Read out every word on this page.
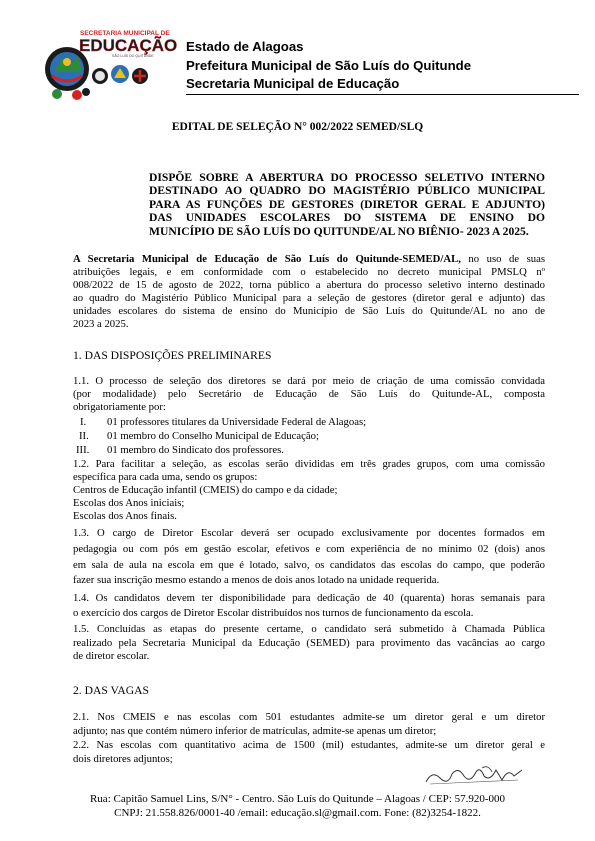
SECRETARIA MUNICIPAL DE
EDUCAÇÃO
SÃO LUÍS DO QUITUNDE
Estado de Alagoas
Prefeitura Municipal de São Luís do Quitunde
Secretaria Municipal de Educação
EDITAL DE SELEÇÃO N° 002/2022 SEMED/SLQ
DISPÕE SOBRE A ABERTURA DO PROCESSO SELETIVO INTERNO
DESTINADO AO QUADRO DO MAGISTÉRIO PÚBLICO MUNICIPAL
PARA AS FUNÇÕES DE GESTORES (DIRETOR GERAL E ADJUNTO)
DAS UNIDADES ESCOLARES DO SISTEMA DE ENSINO DO
MUNICÍPIO DE SÃO LUÍS DO QUITUNDE/AL NO BIÊNIO- 2023 A 2025.
A Secretaria Municipal de Educação de São Luís do Quitunde-SEMED/AL, no uso de suas
atribuições legais, e em conformidade com o estabelecido no decreto municipal PMSLQ nº
008/2022 de 15 de agosto de 2022, torna público a abertura do processo seletivo interno destinado
ao quadro do Magistério Público Municipal para a seleção de gestores (diretor geral e adjunto) das
unidades escolares do sistema de ensino do Município de São Luís do Quitunde/AL no ano de
2023 a 2025.
1. DAS DISPOSIÇÕES PRELIMINARES
1.1. O processo de seleção dos diretores se dará por meio de criação de uma comissão convidada
(por modalidade) pelo Secretário de Educação de São Luís do Quitunde-AL, composta
obrigatoriamente por:
I. 01 professores titulares da Universidade Federal de Alagoas;
II. 01 membro do Conselho Municipal de Educação;
III. 01 membro do Sindicato dos professores.
1.2. Para facilitar a seleção, as escolas serão divididas em três grades grupos, com uma comissão
específica para cada uma, sendo os grupos:
Centros de Educação infantil (CMEIS) do campo e da cidade;
Escolas dos Anos iniciais;
Escolas dos Anos finais.
1.3. O cargo de Diretor Escolar deverá ser ocupado exclusivamente por docentes formados em
pedagogia ou com pós em gestão escolar, efetivos e com experiência de no mínimo 02 (dois) anos
em sala de aula na escola em que é lotado, salvo, os candidatos das escolas do campo, que poderão
fazer sua inscrição mesmo estando a menos de dois anos lotado na unidade requerida.
1.4. Os candidatos devem ter disponibilidade para dedicação de 40 (quarenta) horas semanais para
o exercício dos cargos de Diretor Escolar distribuídos nos turnos de funcionamento da escola.
1.5. Concluídas as etapas do presente certame, o candidato será submetido à Chamada Pública
realizado pela Secretaria Municipal da Educação (SEMED) para provimento das vacâncias ao cargo
de diretor escolar.
2. DAS VAGAS
2.1. Nos CMEIS e nas escolas com 501 estudantes admite-se um diretor geral e um diretor
adjunto; nas que contém número inferior de matrículas, admite-se apenas um diretor;
2.2. Nas escolas com quantitativo acima de 1500 (mil) estudantes, admite-se um diretor geral e
dois diretores adjuntos;
Rua: Capitão Samuel Lins, S/N° - Centro. São Luís do Quitunde – Alagoas / CEP: 57.920-000
CNPJ: 21.558.826/0001-40 /email: educação.sl@gmail.com. Fone: (82)3254-1822.
